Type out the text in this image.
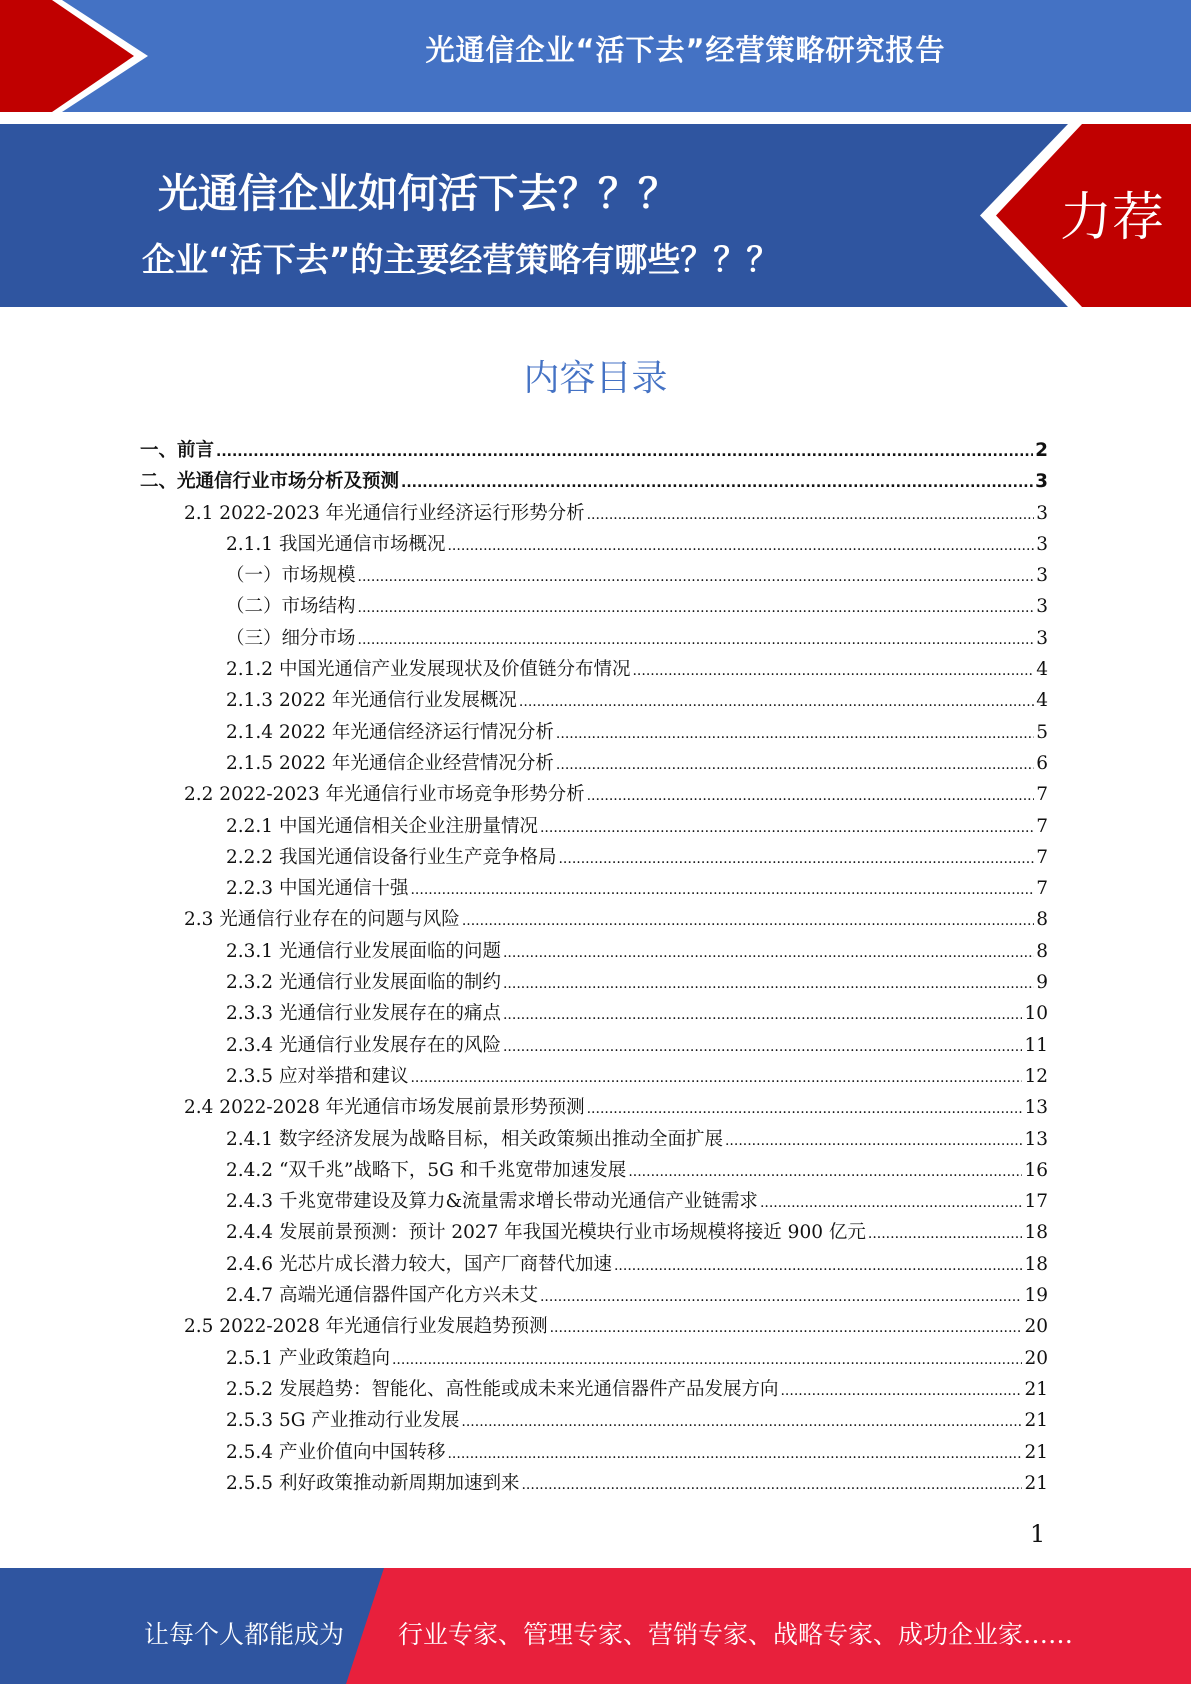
光通信企业“活下去”经营策略研究报告
光通信企业如何活下去？？？
企业“活下去”的主要经营策略有哪些？？？
力荐
内容目录
一、前言 .....	2
二、光通信行业市场分析及预测 .....	3
2.1 2022-2023 年光通信行业经济运行形势分析 .....	3
2.1.1 我国光通信市场概况 .....	3
（一）市场规模 .....	3
（二）市场结构 .....	3
（三）细分市场 .....	3
2.1.2 中国光通信产业发展现状及价值链分布情况 .....	4
2.1.3 2022 年光通信行业发展概况 .....	4
2.1.4 2022 年光通信经济运行情况分析 .....	5
2.1.5 2022 年光通信企业经营情况分析 .....	6
2.2 2022-2023 年光通信行业市场竞争形势分析 .....	7
2.2.1 中国光通信相关企业注册量情况 .....	7
2.2.2 我国光通信设备行业生产竞争格局 .....	7
2.2.3 中国光通信十强 .....	7
2.3 光通信行业存在的问题与风险 .....	8
2.3.1 光通信行业发展面临的问题 .....	8
2.3.2 光通信行业发展面临的制约 .....	9
2.3.3 光通信行业发展存在的痛点 .....	10
2.3.4 光通信行业发展存在的风险 .....	11
2.3.5 应对举措和建议 .....	12
2.4 2022-2028 年光通信市场发展前景形势预测 .....	13
2.4.1 数字经济发展为战略目标，相关政策频出推动全面扩展 .....	13
2.4.2 “双千兆”战略下，5G 和千兆宽带加速发展 .....	16
2.4.3 千兆宽带建设及算力&流量需求增长带动光通信产业链需求 .....	17
2.4.4 发展前景预测：预计 2027 年我国光模块行业市场规模将接近 900 亿元 .....	18
2.4.6 光芯片成长潜力较大，国产厂商替代加速 .....	18
2.4.7 高端光通信器件国产化方兴未艾 .....	19
2.5 2022-2028 年光通信行业发展趋势预测 .....	20
2.5.1 产业政策趋向 .....	20
2.5.2 发展趋势：智能化、高性能或成未来光通信器件产品发展方向 .....	21
2.5.3 5G 产业推动行业发展 .....	21
2.5.4 产业价值向中国转移 .....	21
2.5.5 利好政策推动新周期加速到来 .....	21
1
让每个人都能成为 行业专家、管理专家、营销专家、战略专家、成功企业家……
